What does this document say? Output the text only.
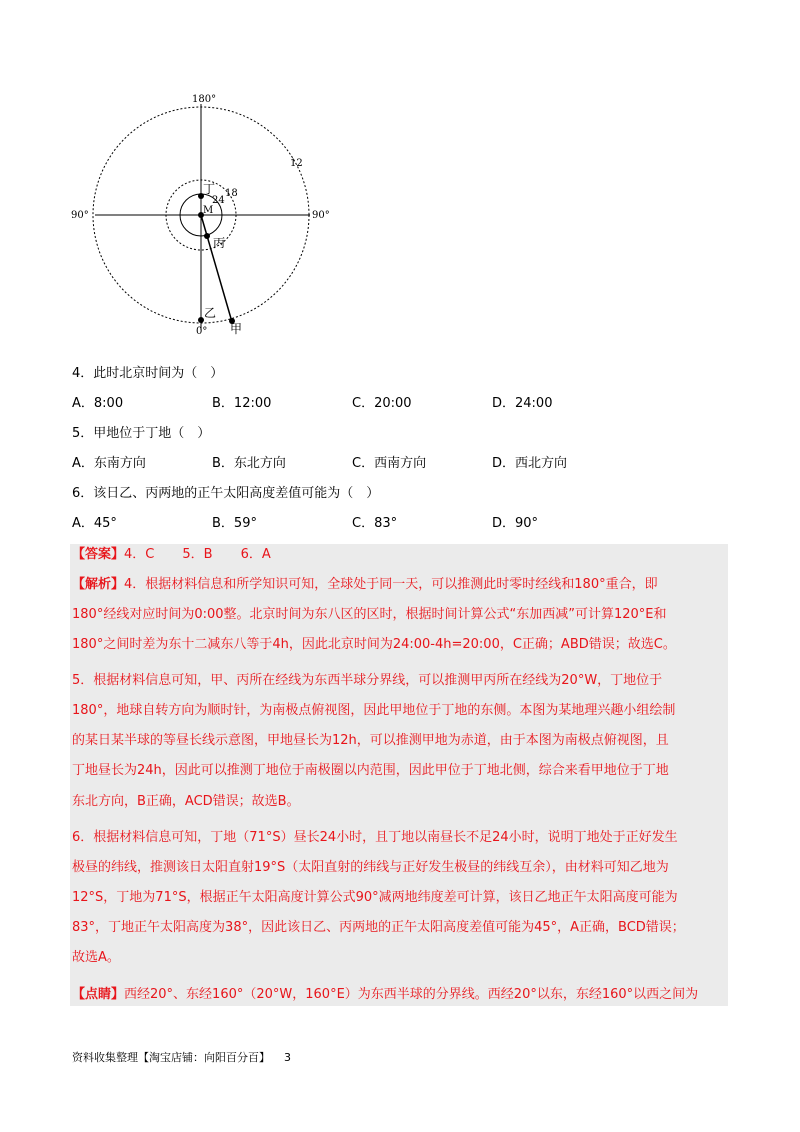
180°
90°	90°
0°
12
18
24
M
丁
丙
乙
甲
4．此时北京时间为（　）
A．8:00	B．12:00	C．20:00	D．24:00
5．甲地位于丁地（　）
A．东南方向	B．东北方向	C．西南方向	D．西北方向
6．该日乙、丙两地的正午太阳高度差值可能为（　）
A．45°	B．59°	C．83°	D．90°
【答案】4．C 5．B 6．A
【解析】4．根据材料信息和所学知识可知，全球处于同一天，可以推测此时零时经线和180°重合，即
180°经线对应时间为0:00整。北京时间为东八区的区时，根据时间计算公式“东加西减”可计算120°E和
180°之间时差为东十二减东八等于4h，因此北京时间为24:00-4h=20:00，C正确；ABD错误；故选C。
5．根据材料信息可知，甲、丙所在经线为东西半球分界线，可以推测甲丙所在经线为20°W，丁地位于
180°，地球自转方向为顺时针，为南极点俯视图，因此甲地位于丁地的东侧。本图为某地理兴趣小组绘制
的某日某半球的等昼长线示意图，甲地昼长为12h，可以推测甲地为赤道，由于本图为南极点俯视图，且
丁地昼长为24h，因此可以推测丁地位于南极圈以内范围，因此甲位于丁地北侧，综合来看甲地位于丁地
东北方向，B正确，ACD错误；故选B。
6．根据材料信息可知，丁地（71°S）昼长24小时，且丁地以南昼长不足24小时，说明丁地处于正好发生
极昼的纬线，推测该日太阳直射19°S（太阳直射的纬线与正好发生极昼的纬线互余），由材料可知乙地为
12°S，丁地为71°S，根据正午太阳高度计算公式90°减两地纬度差可计算，该日乙地正午太阳高度可能为
83°，丁地正午太阳高度为38°，因此该日乙、丙两地的正午太阳高度差值可能为45°，A正确，BCD错误；
故选A。
【点睛】西经20°、东经160°（20°W，160°E）为东西半球的分界线。西经20°以东，东经160°以西之间为
资料收集整理【淘宝店铺：向阳百分百】 3
